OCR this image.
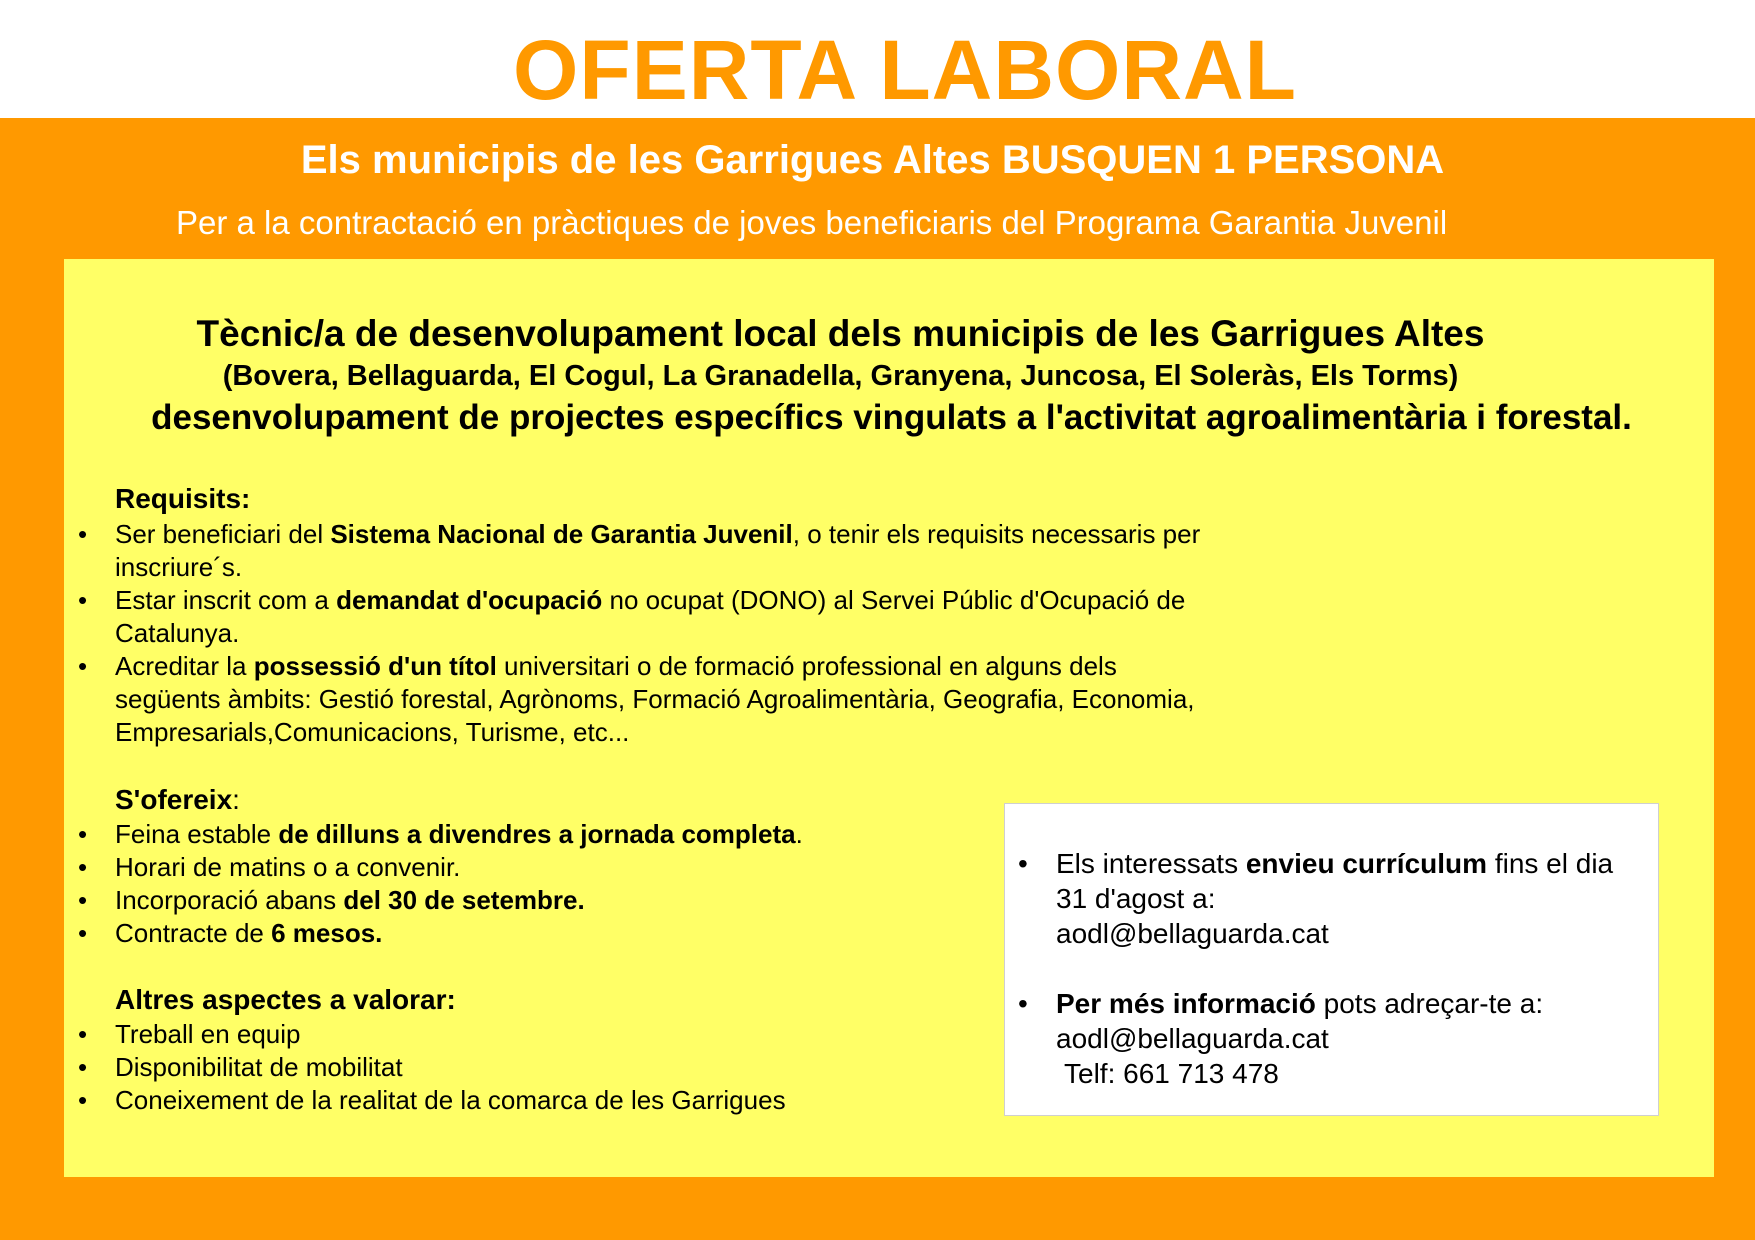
OFERTA LABORAL
Els municipis de les Garrigues Altes BUSQUEN 1 PERSONA

Per a la contractació en pràctiques de joves beneficiaris del Programa Garantia Juvenil

Tècnic/a de desenvolupament local dels municipis de les Garrigues Altes

(Bovera, Bellaguarda, El Cogul, La Granadella, Granyena, Juncosa, El Soleràs, Els Torms)

desenvolupament de projectes específics vingulats a l'activitat agroalimentària i forestal.

Requisits:

• Ser beneficiari del Sistema Nacional de Garantia Juvenil, o tenir els requisits necessaris per inscriure´s.
• Estar inscrit com a demandat d'ocupació no ocupat (DONO) al Servei Públic d'Ocupació de Catalunya.
• Acreditar la possessió d'un títol universitari o de formació professional en alguns dels següents àmbits: Gestió forestal, Agrònoms, Formació Agroalimentària, Geografia, Economia, Empresarials,Comunicacions, Turisme, etc...

S'ofereix:

• Feina estable de dilluns a divendres a jornada completa.
• Horari de matins o a convenir.
• Incorporació abans del 30 de setembre.
• Contracte de 6 mesos.

Altres aspectes a valorar:

• Treball en equip
• Disponibilitat de mobilitat
• Coneixement de la realitat de la comarca de les Garrigues
• Els interessats envieu currículum fins el dia 31 d'agost a:
aodl@bellaguarda.cat
• Per més informació pots adreçar-te a:
aodl@bellaguarda.cat
Telf: 661 713 478
